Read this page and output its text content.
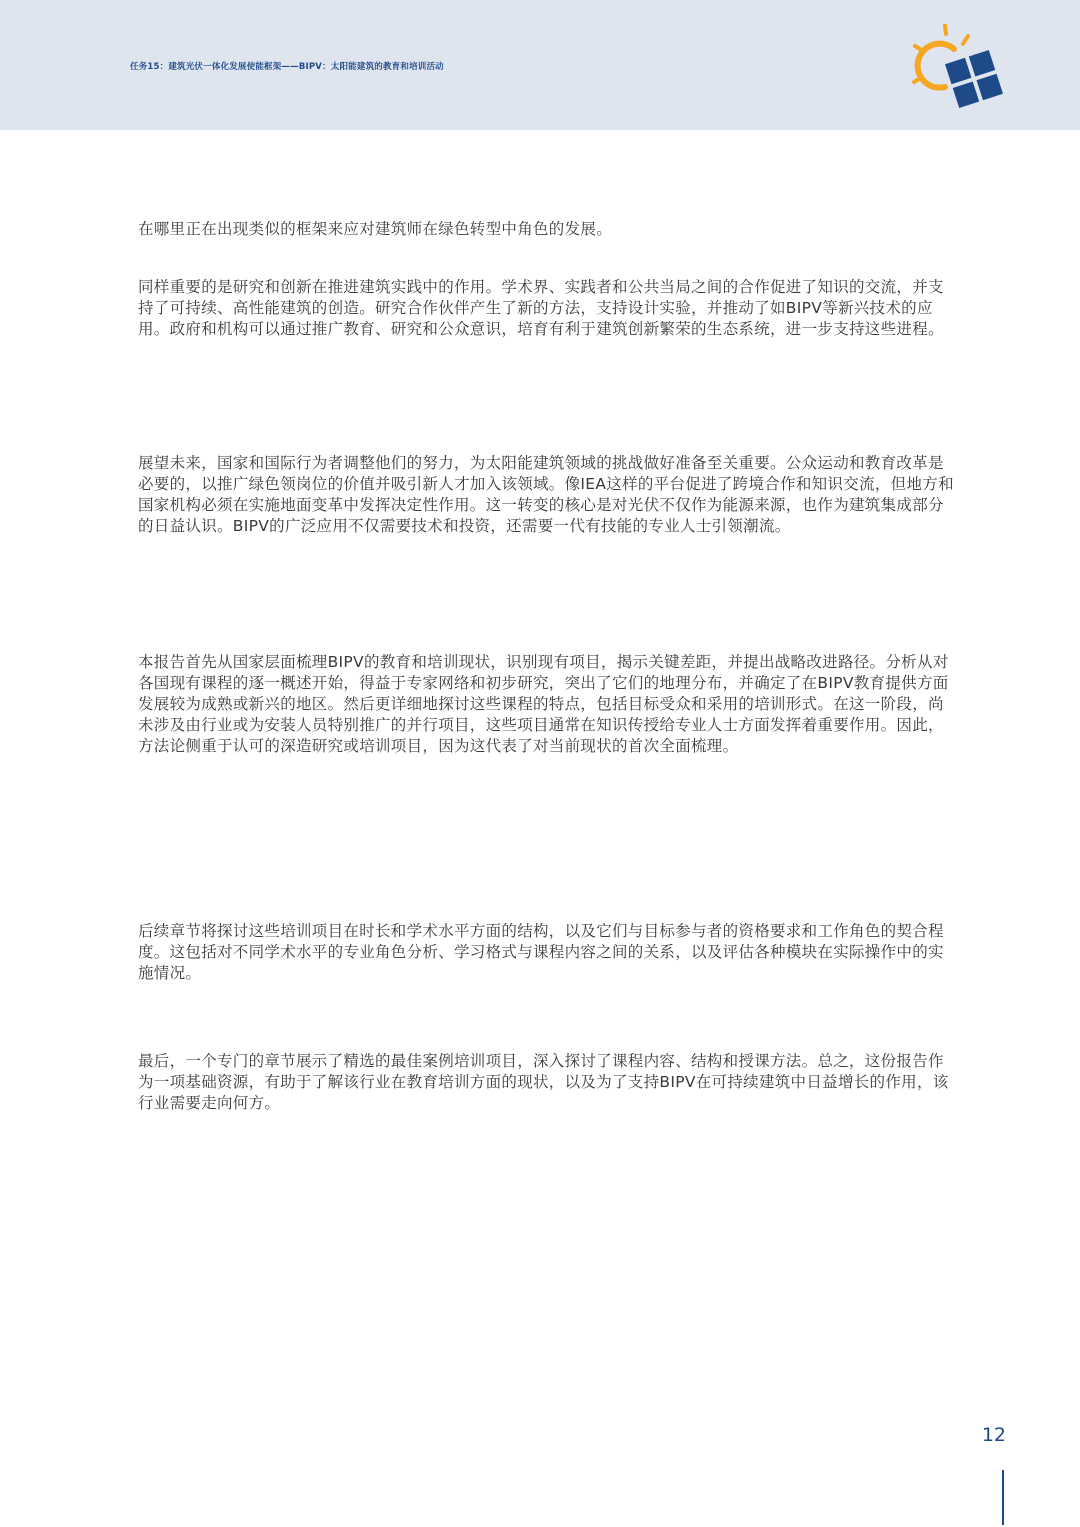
任务15：建筑光伏一体化发展使能框架——BIPV：太阳能建筑的教育和培训活动

在哪里正在出现类似的框架来应对建筑师在绿色转型中角色的发展。

同样重要的是研究和创新在推进建筑实践中的作用。学术界、实践者和公共当局之间的合作促进了知识的交流，并支持了可持续、高性能建筑的创造。研究合作伙伴产生了新的方法，支持设计实验，并推动了如BIPV等新兴技术的应用。政府和机构可以通过推广教育、研究和公众意识，培育有利于建筑创新繁荣的生态系统，进一步支持这些进程。

展望未来，国家和国际行为者调整他们的努力，为太阳能建筑领域的挑战做好准备至关重要。公众运动和教育改革是必要的，以推广绿色领岗位的价值并吸引新人才加入该领域。像IEA这样的平台促进了跨境合作和知识交流，但地方和国家机构必须在实施地面变革中发挥决定性作用。这一转变的核心是对光伏不仅作为能源来源，也作为建筑集成部分的日益认识。BIPV的广泛应用不仅需要技术和投资，还需要一代有技能的专业人士引领潮流。

本报告首先从国家层面梳理BIPV的教育和培训现状，识别现有项目，揭示关键差距，并提出战略改进路径。分析从对各国现有课程的逐一概述开始，得益于专家网络和初步研究，突出了它们的地理分布，并确定了在BIPV教育提供方面发展较为成熟或新兴的地区。然后更详细地探讨这些课程的特点，包括目标受众和采用的培训形式。在这一阶段，尚未涉及由行业或为安装人员特别推广的并行项目，这些项目通常在知识传授给专业人士方面发挥着重要作用。因此，方法论侧重于认可的深造研究或培训项目，因为这代表了对当前现状的首次全面梳理。

后续章节将探讨这些培训项目在时长和学术水平方面的结构，以及它们与目标参与者的资格要求和工作角色的契合程度。这包括对不同学术水平的专业角色分析、学习格式与课程内容之间的关系，以及评估各种模块在实际操作中的实施情况。

最后，一个专门的章节展示了精选的最佳案例培训项目，深入探讨了课程内容、结构和授课方法。总之，这份报告作为一项基础资源，有助于了解该行业在教育培训方面的现状，以及为了支持BIPV在可持续建筑中日益增长的作用，该行业需要走向何方。

12
